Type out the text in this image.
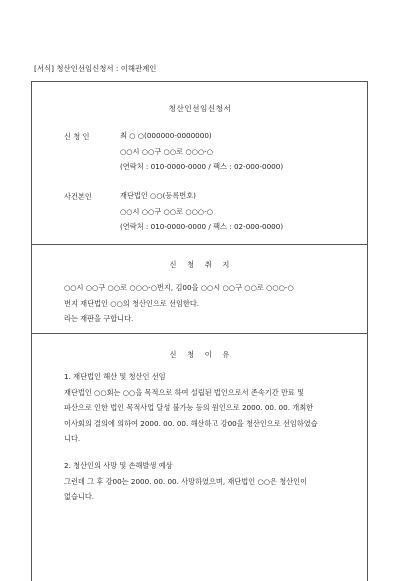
[서식] 청산인선임신청서 : 이해관계인
청산인선임신청서
신 청 인	최 ○ ○(000000-0000000)
○○시 ○○구 ○○로 ○○○-○
(연락처 : 010-0000-0000 / 팩스 : 02-000-0000)
사건본인	재단법인 ○○(등록번호)
○○시 ○○구 ○○로 ○○○-○
(연락처 : 010-0000-0000 / 팩스 : 02-000-0000)
신 청 취 지
○○시 ○○구 ○○로 ○○○-○번지, 김00을 ○○시 ○○구 ○○로 ○○○-○
번지 재단법인 ○○의 청산인으로 선임한다.
라는 재판을 구합니다.
신 청 이 유
1. 재단법인 해산 및 청산인 선임
재단법인 ○○회는 ○○을 목적으로 하여 설립된 법인으로서 존속기간 만료 및
파산으로 인한 법인 목적사업 달성 불가능 등의 원인으로 2000. 00. 00. 개최한
이사회의 결의에 의하여 2000. 00. 00. 해산하고 강00을 청산인으로 선임하였습
니다.
2. 청산인의 사망 및 손해발생 예상
그런데 그 후 강00는 2000. 00. 00. 사망하였으며, 재단법인 ○○은 청산인이
없습니다.
